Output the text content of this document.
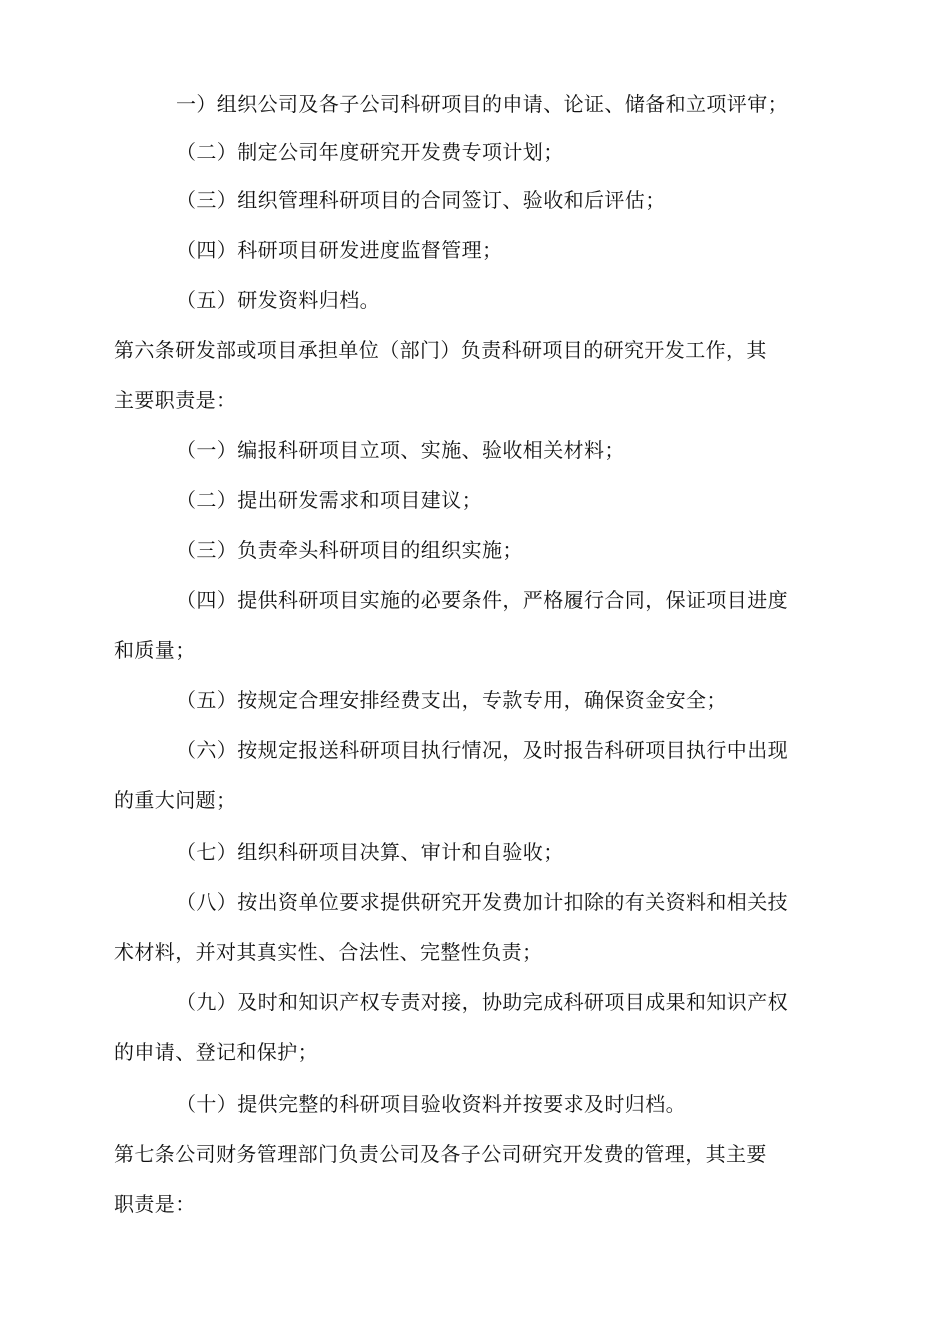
一）组织公司及各子公司科研项目的申请、论证、储备和立项评审；
（二）制定公司年度研究开发费专项计划；
（三）组织管理科研项目的合同签订、验收和后评估；
（四）科研项目研发进度监督管理；
（五）研发资料归档。
第六条研发部或项目承担单位（部门）负责科研项目的研究开发工作，其
主要职责是：
（一）编报科研项目立项、实施、验收相关材料；
（二）提出研发需求和项目建议；
（三）负责牵头科研项目的组织实施；
（四）提供科研项目实施的必要条件，严格履行合同，保证项目进度
和质量；
（五）按规定合理安排经费支出，专款专用，确保资金安全；
（六）按规定报送科研项目执行情况，及时报告科研项目执行中出现
的重大问题；
（七）组织科研项目决算、审计和自验收；
（八）按出资单位要求提供研究开发费加计扣除的有关资料和相关技
术材料，并对其真实性、合法性、完整性负责；
（九）及时和知识产权专责对接，协助完成科研项目成果和知识产权
的申请、登记和保护；
（十）提供完整的科研项目验收资料并按要求及时归档。
第七条公司财务管理部门负责公司及各子公司研究开发费的管理，其主要
职责是：
